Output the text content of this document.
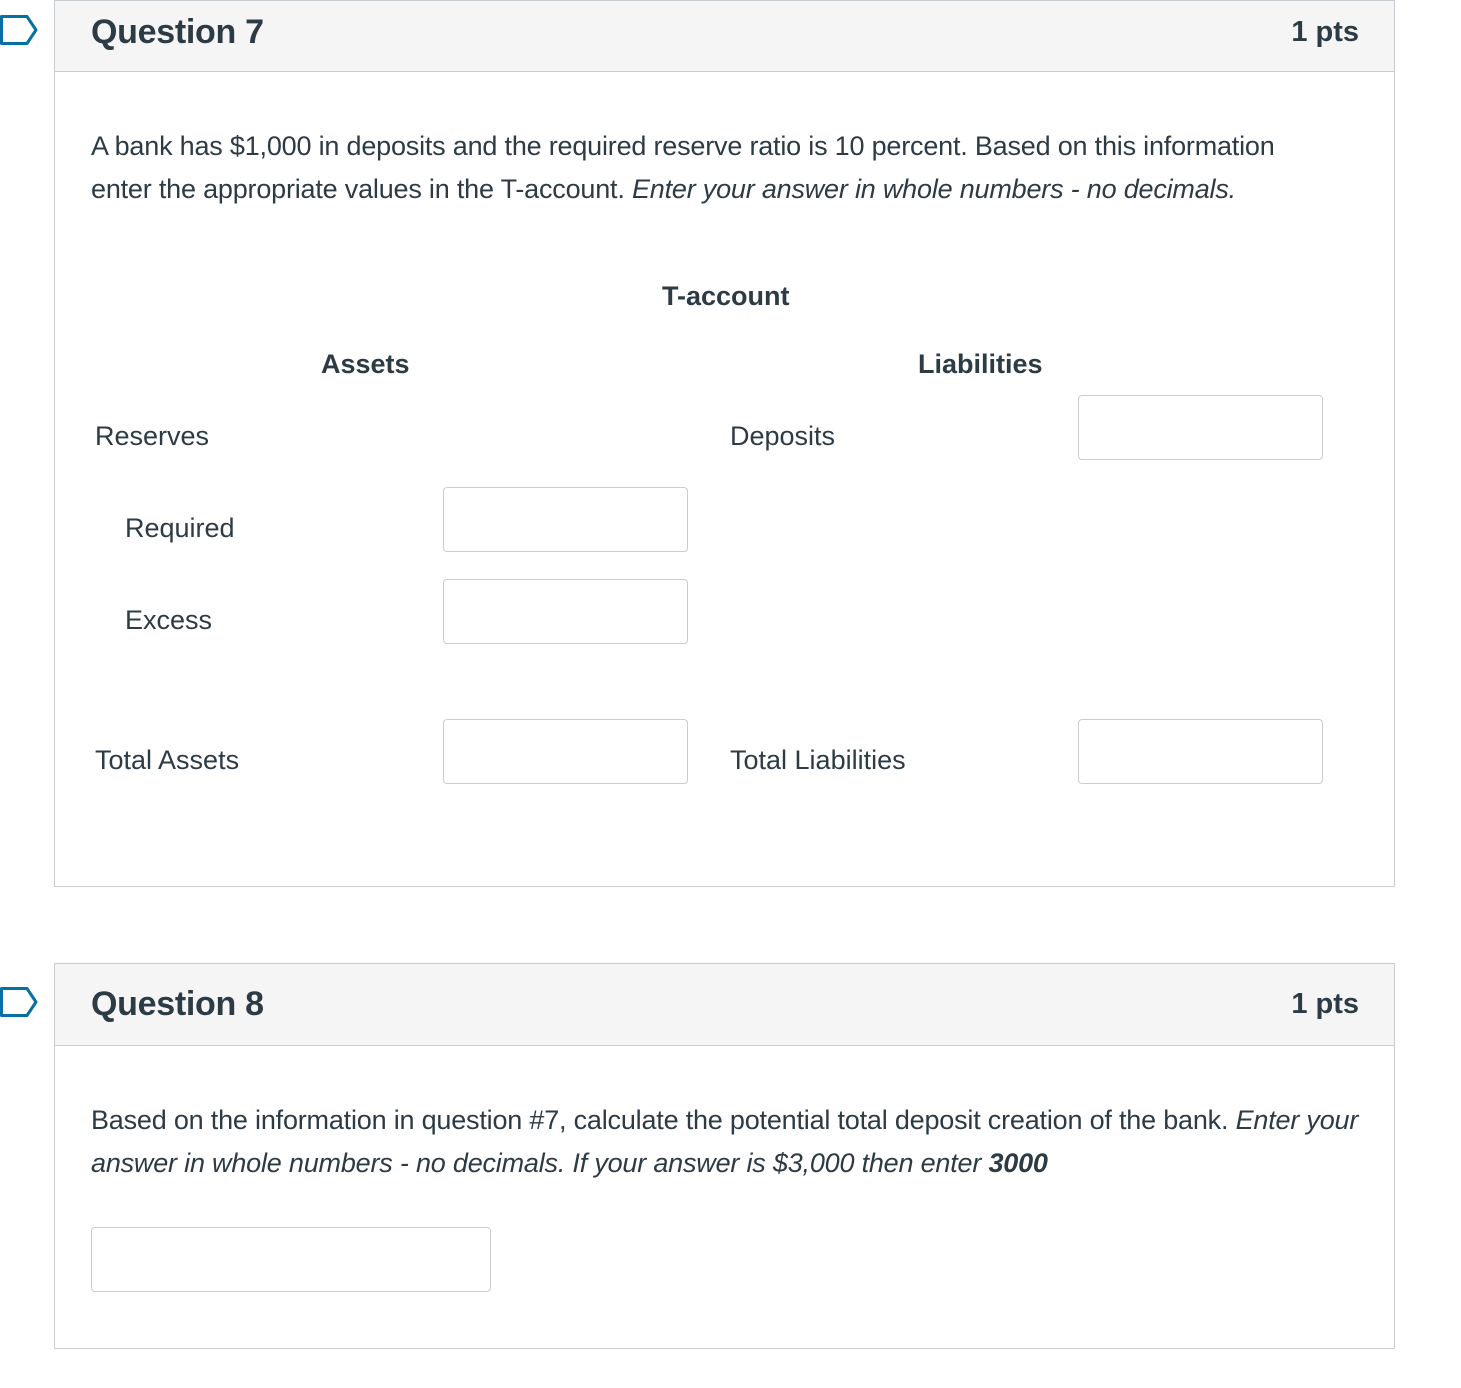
Question 7	1 pts
A bank has $1,000 in deposits and the required reserve ratio is 10 percent. Based on this information enter the appropriate values in the T-account. Enter your answer in whole numbers - no decimals.
T-account
Assets	Liabilities
Reserves	Deposits
Required
Excess
Total Assets	Total Liabilities
Question 8	1 pts
Based on the information in question #7, calculate the potential total deposit creation of the bank. Enter your answer in whole numbers - no decimals. If your answer is $3,000 then enter 3000
